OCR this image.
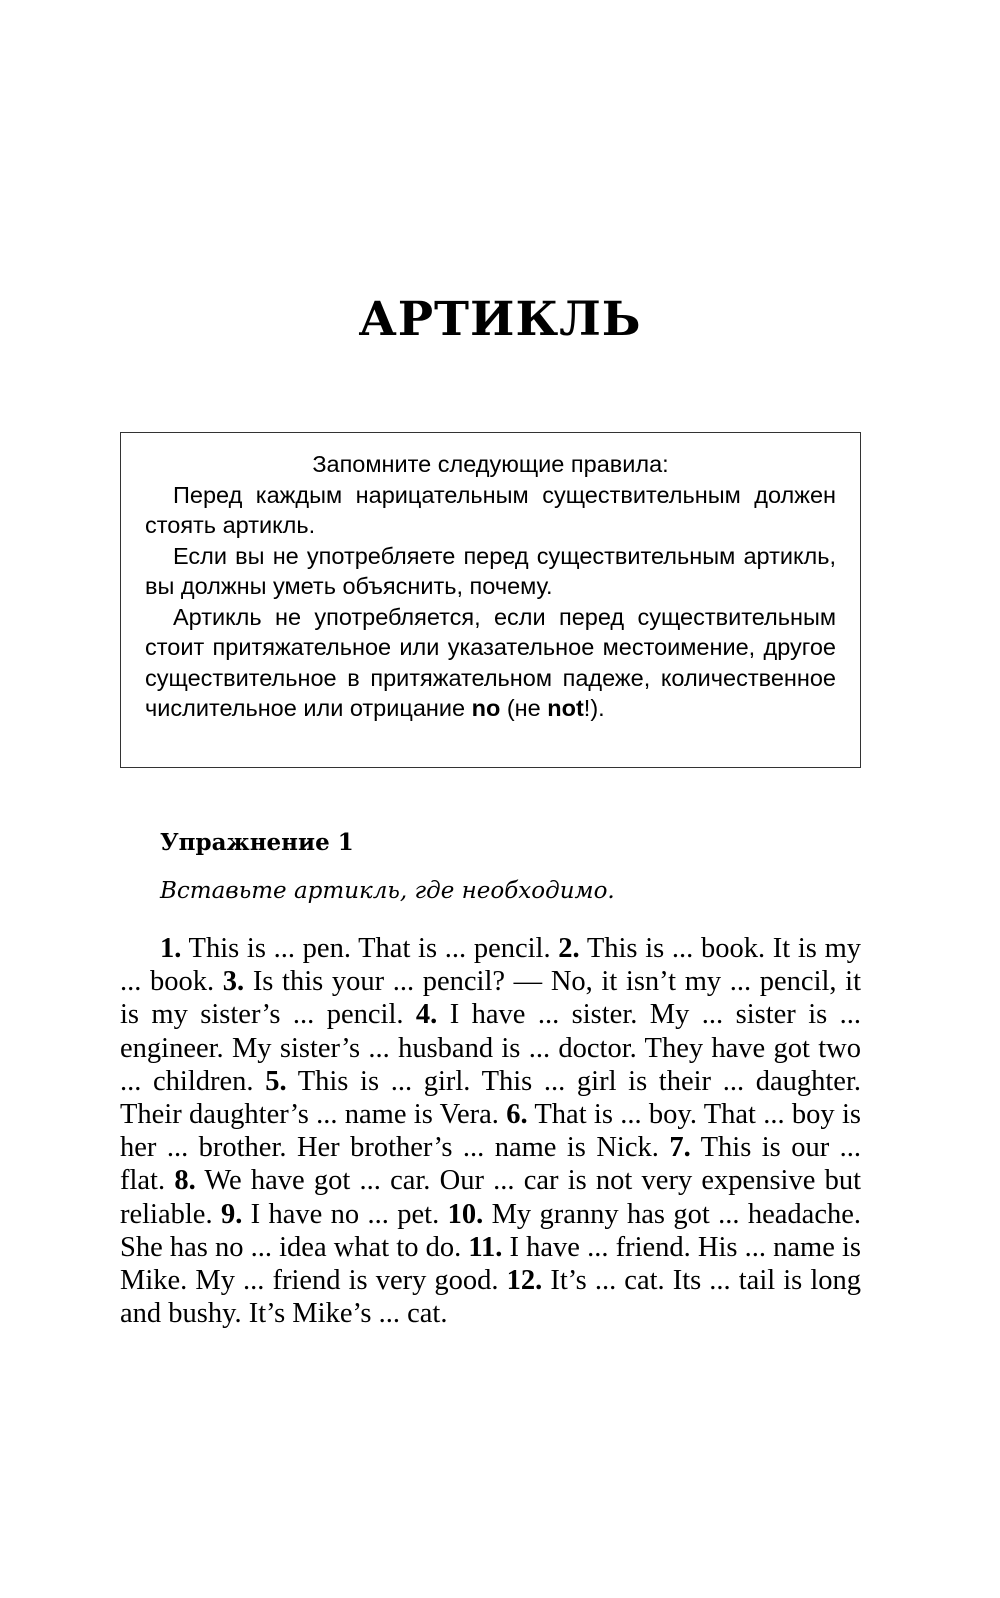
АРТИКЛЬ
Запомните следующие правила:

Перед каждым нарицательным существительным должен стоять артикль.

Если вы не употребляете перед существительным артикль, вы должны уметь объяснить, почему.

Артикль не употребляется, если перед существительным стоит притяжательное или указательное местоимение, другое существительное в притяжательном падеже, количественное числительное или отрицание no (не not!).

Упражнение 1
Вставьте артикль, где необходимо.

1. This is ... pen. That is ... pencil. 2. This is ... book. It is my ... book. 3. Is this your ... pencil? — No, it isn’t my ... pencil, it is my sister’s ... pencil. 4. I have ... sister. My ... sister is ... engineer. My sister’s ... husband is ... doctor. They have got two ... children. 5. This is ... girl. This ... girl is their ... daughter. Their daughter’s ... name is Vera. 6. That is ... boy. That ... boy is her ... brother. Her brother’s ... name is Nick. 7. This is our ... flat. 8. We have got ... car. Our ... car is not very expensive but reliable. 9. I have no ... pet. 10. My granny has got ... headache. She has no ... idea what to do. 11. I have ... friend. His ... name is Mike. My ... friend is very good. 12. It’s ... cat. Its ... tail is long and bushy. It’s Mike’s ... cat.
